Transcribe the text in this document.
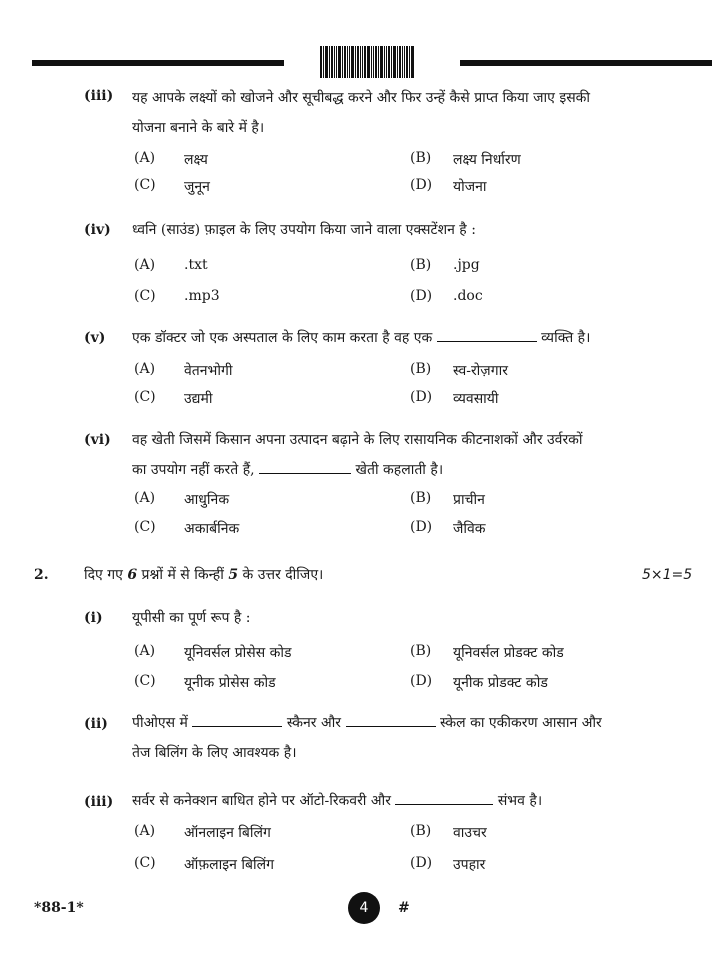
(iii) यह आपके लक्ष्यों को खोजने और सूचीबद्ध करने और फिर उन्हें कैसे प्राप्त किया जाए इसकी
योजना बनाने के बारे में है।
(A) लक्ष्य	(B) लक्ष्य निर्धारण
(C) जुनून	(D) योजना
(iv) ध्वनि (साउंड) फ़ाइल के लिए उपयोग किया जाने वाला एक्सटेंशन है :
(A) .txt	(B) .jpg
(C) .mp3	(D) .doc
(v) एक डॉक्टर जो एक अस्पताल के लिए काम करता है वह एक	व्यक्ति है।
(A) वेतनभोगी	(B) स्व-रोज़गार
(C) उद्यमी	(D) व्यवसायी
(vi) वह खेती जिसमें किसान अपना उत्पादन बढ़ाने के लिए रासायनिक कीटनाशकों और उर्वरकों
का उपयोग नहीं करते हैं,	खेती कहलाती है।
(A) आधुनिक	(B) प्राचीन
(C) अकार्बनिक	(D) जैविक
2.	दिए गए 6 प्रश्नों में से किन्हीं 5 के उत्तर दीजिए।	5×1=5
(i) यूपीसी का पूर्ण रूप है :
(A) यूनिवर्सल प्रोसेस कोड	(B) यूनिवर्सल प्रोडक्ट कोड
(C) यूनीक प्रोसेस कोड	(D) यूनीक प्रोडक्ट कोड
(ii) पीओएस में	स्कैनर और	स्केल का एकीकरण आसान और
तेज बिलिंग के लिए आवश्यक है।
(iii) सर्वर से कनेक्शन बाधित होने पर ऑटो-रिकवरी और	संभव है।
(A) ऑनलाइन बिलिंग	(B) वाउचर
(C) ऑफ़लाइन बिलिंग	(D) उपहार
*88-1*	4	#
